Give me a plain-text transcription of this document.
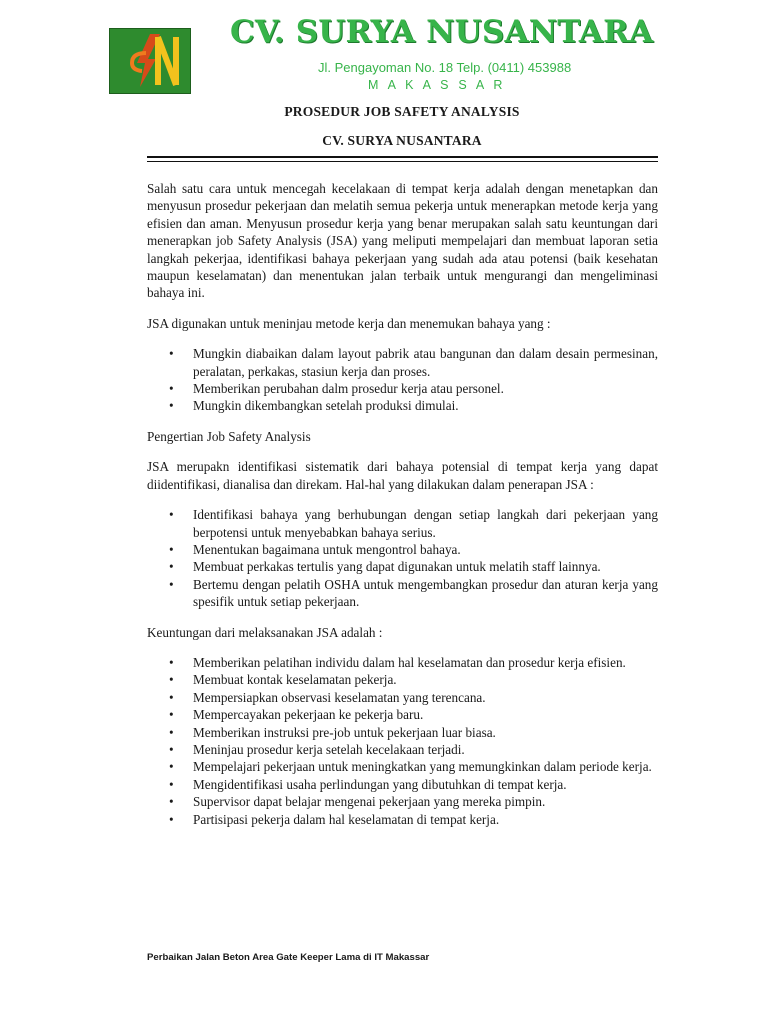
CV. SURYA NUSANTARA
Jl. Pengayoman No. 18 Telp. (0411) 453988
M A K A S S A R
PROSEDUR JOB SAFETY ANALYSIS
CV. SURYA NUSANTARA

Salah satu cara untuk mencegah kecelakaan di tempat kerja adalah dengan menetapkan dan menyusun prosedur pekerjaan dan melatih semua pekerja untuk menerapkan metode kerja yang efisien dan aman. Menyusun prosedur kerja yang benar merupakan salah satu keuntungan dari menerapkan job Safety Analysis (JSA) yang meliputi mempelajari dan membuat laporan setia langkah pekerjaa, identifikasi bahaya pekerjaan yang sudah ada atau potensi (baik kesehatan maupun keselamatan) dan menentukan jalan terbaik untuk mengurangi dan mengeliminasi bahaya ini.

JSA digunakan untuk meninjau metode kerja dan menemukan bahaya yang :

• Mungkin diabaikan dalam layout pabrik atau bangunan dan dalam desain permesinan, peralatan, perkakas, stasiun kerja dan proses.
• Memberikan perubahan dalm prosedur kerja atau personel.
• Mungkin dikembangkan setelah produksi dimulai.

Pengertian Job Safety Analysis

JSA merupakn identifikasi sistematik dari bahaya potensial di tempat kerja yang dapat diidentifikasi, dianalisa dan direkam. Hal-hal yang dilakukan dalam penerapan JSA :

• Identifikasi bahaya yang berhubungan dengan setiap langkah dari pekerjaan yang berpotensi untuk menyebabkan bahaya serius.
• Menentukan bagaimana untuk mengontrol bahaya.
• Membuat perkakas tertulis yang dapat digunakan untuk melatih staff lainnya.
• Bertemu dengan pelatih OSHA untuk mengembangkan prosedur dan aturan kerja yang spesifik untuk setiap pekerjaan.

Keuntungan dari melaksanakan JSA adalah :

• Memberikan pelatihan individu dalam hal keselamatan dan prosedur kerja efisien.
• Membuat kontak keselamatan pekerja.
• Mempersiapkan observasi keselamatan yang terencana.
• Mempercayakan pekerjaan ke pekerja baru.
• Memberikan instruksi pre-job untuk pekerjaan luar biasa.
• Meninjau prosedur kerja setelah kecelakaan terjadi.
• Mempelajari pekerjaan untuk meningkatkan yang memungkinkan dalam periode kerja.
• Mengidentifikasi usaha perlindungan yang dibutuhkan di tempat kerja.
• Supervisor dapat belajar mengenai pekerjaan yang mereka pimpin.
• Partisipasi pekerja dalam hal keselamatan di tempat kerja.
Perbaikan Jalan Beton Area Gate Keeper Lama di IT Makassar
